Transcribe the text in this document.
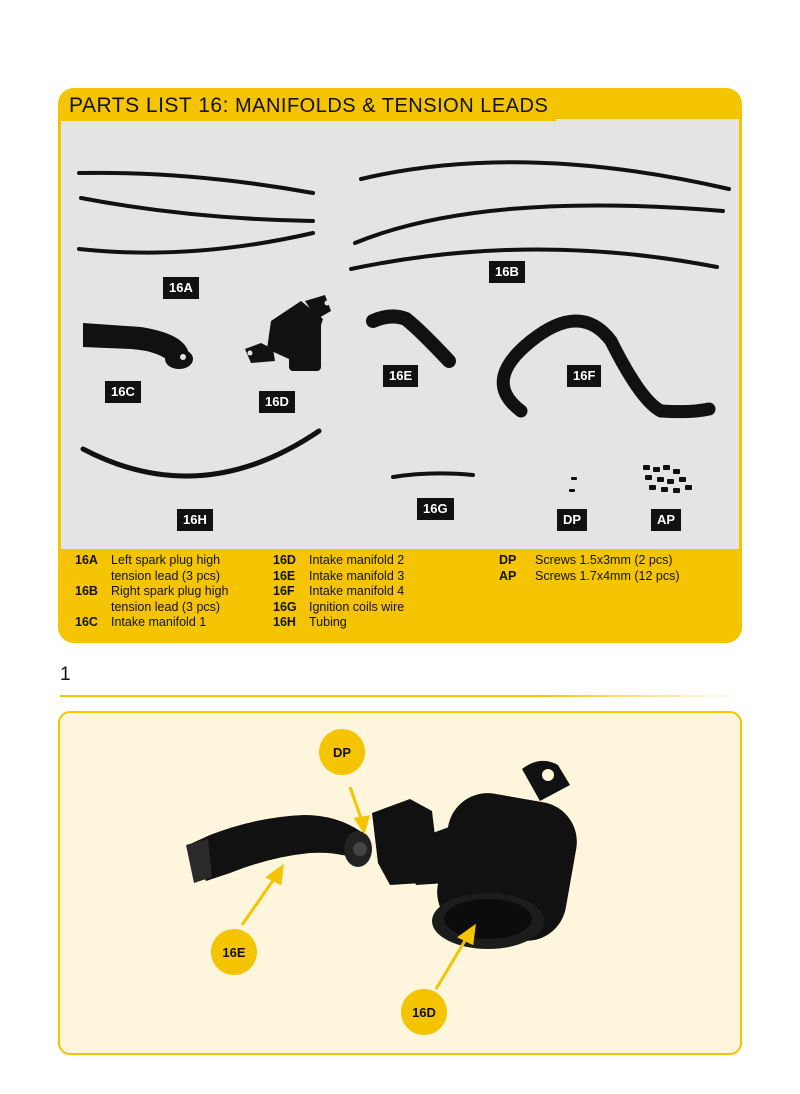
PARTS LIST 16:
MANIFOLDS & TENSION LEADS
16A
16B
16C
16D
16E	16F
16G
16H	DP	AP
16A	Left spark plug high
tension lead (3 pcs)
16B	Right spark plug high
tension lead (3 pcs)
16C	Intake manifold 1
16D	Intake manifold 2
16E	Intake manifold 3
16F	Intake manifold 4
16G Ignition coils wire
16H	Tubing
DP	Screws 1.5x3mm (2 pcs)
AP	Screws 1.7x4mm (12 pcs)
1
DP
16E
16D
